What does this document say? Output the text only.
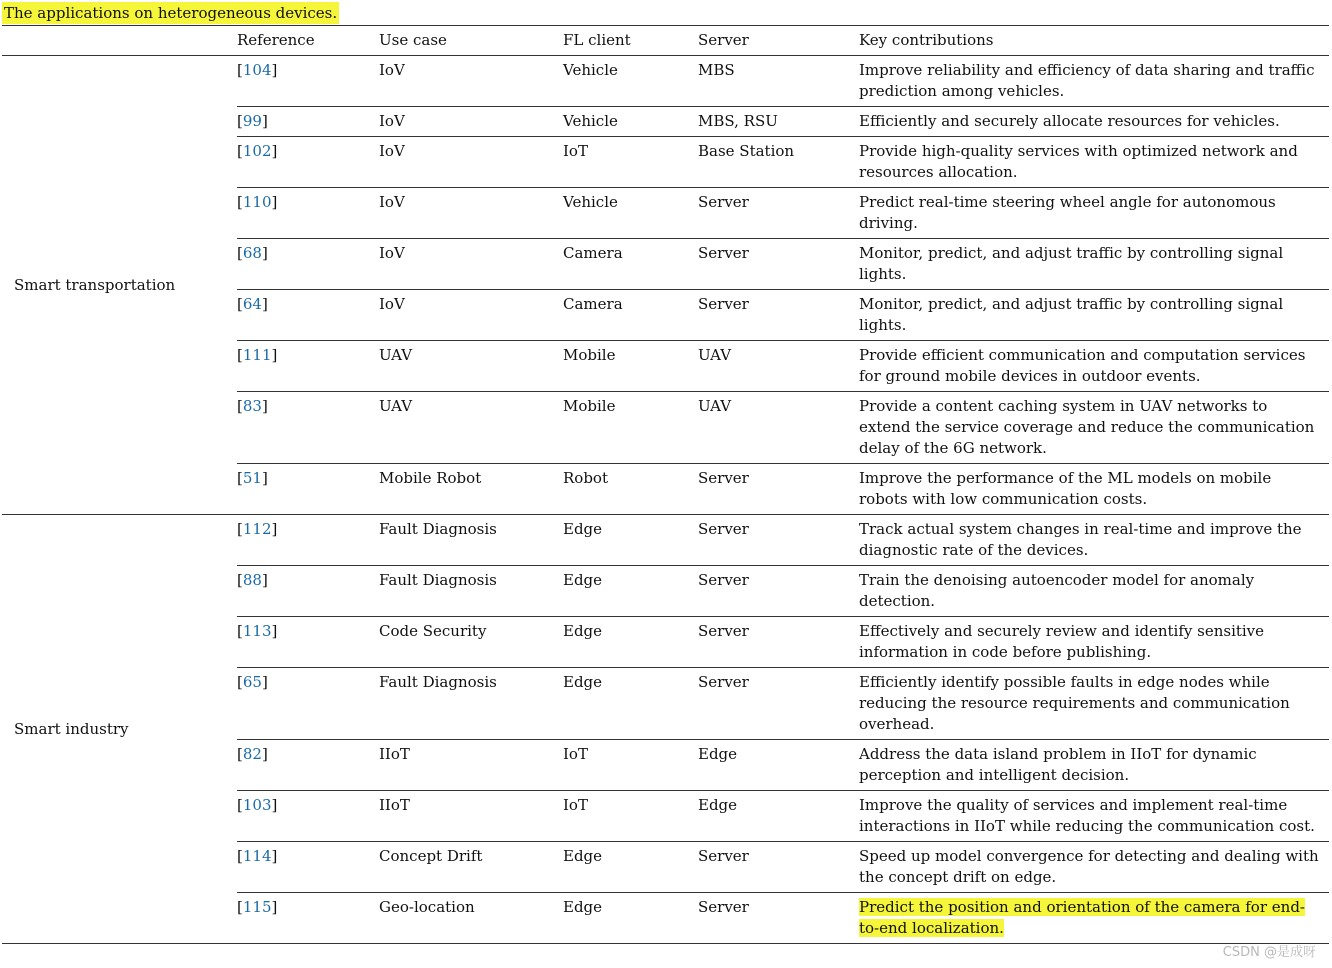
The applications on heterogeneous devices.
	Reference	Use case	FL client	Server	Key contributions
Smart transportation	[104]	IoV	Vehicle	MBS	Improve reliability and efficiency of data sharing and traffic prediction among vehicles.
	[99]	IoV	Vehicle	MBS, RSU	Efficiently and securely allocate resources for vehicles.
	[102]	IoV	IoT	Base Station	Provide high-quality services with optimized network and resources allocation.
	[110]	IoV	Vehicle	Server	Predict real-time steering wheel angle for autonomous driving.
	[68]	IoV	Camera	Server	Monitor, predict, and adjust traffic by controlling signal lights.
	[64]	IoV	Camera	Server	Monitor, predict, and adjust traffic by controlling signal lights.
	[111]	UAV	Mobile	UAV	Provide efficient communication and computation services for ground mobile devices in outdoor events.
	[83]	UAV	Mobile	UAV	Provide a content caching system in UAV networks to extend the service coverage and reduce the communication delay of the 6G network.
	[51]	Mobile Robot	Robot	Server	Improve the performance of the ML models on mobile robots with low communication costs.
Smart industry	[112]	Fault Diagnosis	Edge	Server	Track actual system changes in real-time and improve the diagnostic rate of the devices.
	[88]	Fault Diagnosis	Edge	Server	Train the denoising autoencoder model for anomaly detection.
	[113]	Code Security	Edge	Server	Effectively and securely review and identify sensitive information in code before publishing.
	[65]	Fault Diagnosis	Edge	Server	Efficiently identify possible faults in edge nodes while reducing the resource requirements and communication overhead.
	[82]	IIoT	IoT	Edge	Address the data island problem in IIoT for dynamic perception and intelligent decision.
	[103]	IIoT	IoT	Edge	Improve the quality of services and implement real-time interactions in IIoT while reducing the communication cost.
	[114]	Concept Drift	Edge	Server	Speed up model convergence for detecting and dealing with the concept drift on edge.
	[115]	Geo-location	Edge	Server	Predict the position and orientation of the camera for end-to-end localization.
CSDN @是成呀
